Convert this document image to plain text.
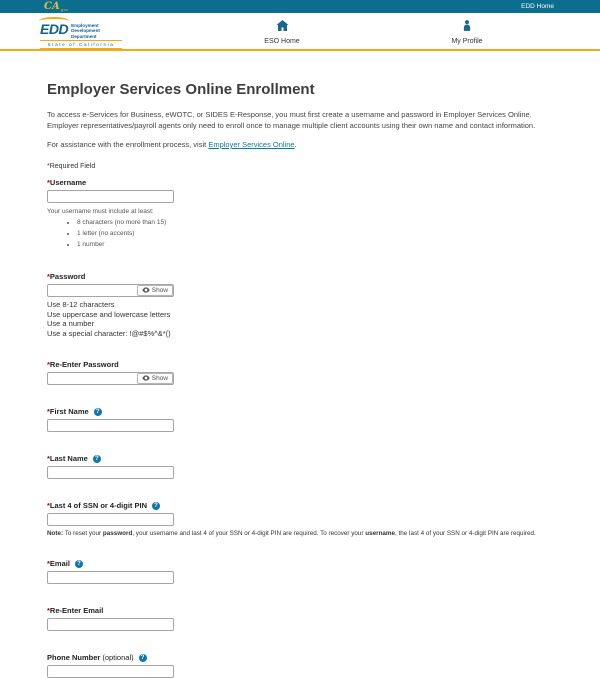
CA gov	EDD Home
EDD Employment
Development
Department
State of California	ESO Home	My Profile
Employer Services Online Enrollment

To access e-Services for Business, eWOTC, or SIDES E-Response, you must first create a username and password in Employer Services Online. Employer representatives/payroll agents only need to enroll once to manage multiple client accounts using their own name and contact information.

For assistance with the enrollment process, visit Employer Services Online.

*Required Field
* Username
Your username must include at least:
• 8 characters (no more than 15)
• 1 letter (no accents)
• 1 number
* Password
Show
Use 8-12 characters
Use uppercase and lowercase letters
Use a number
Use a special character: !@#$%^&*()
* Re-Enter Password
Show
* First Name	?
* Last Name	?
* Last 4 of SSN or 4-digit PIN	?
Note: To reset your password, your username and last 4 of your SSN or 4-digit PIN are required. To recover your username, the last 4 of your SSN or 4-digit PIN are required.
* Email	?
* Re-Enter Email
Phone Number (optional)	?
